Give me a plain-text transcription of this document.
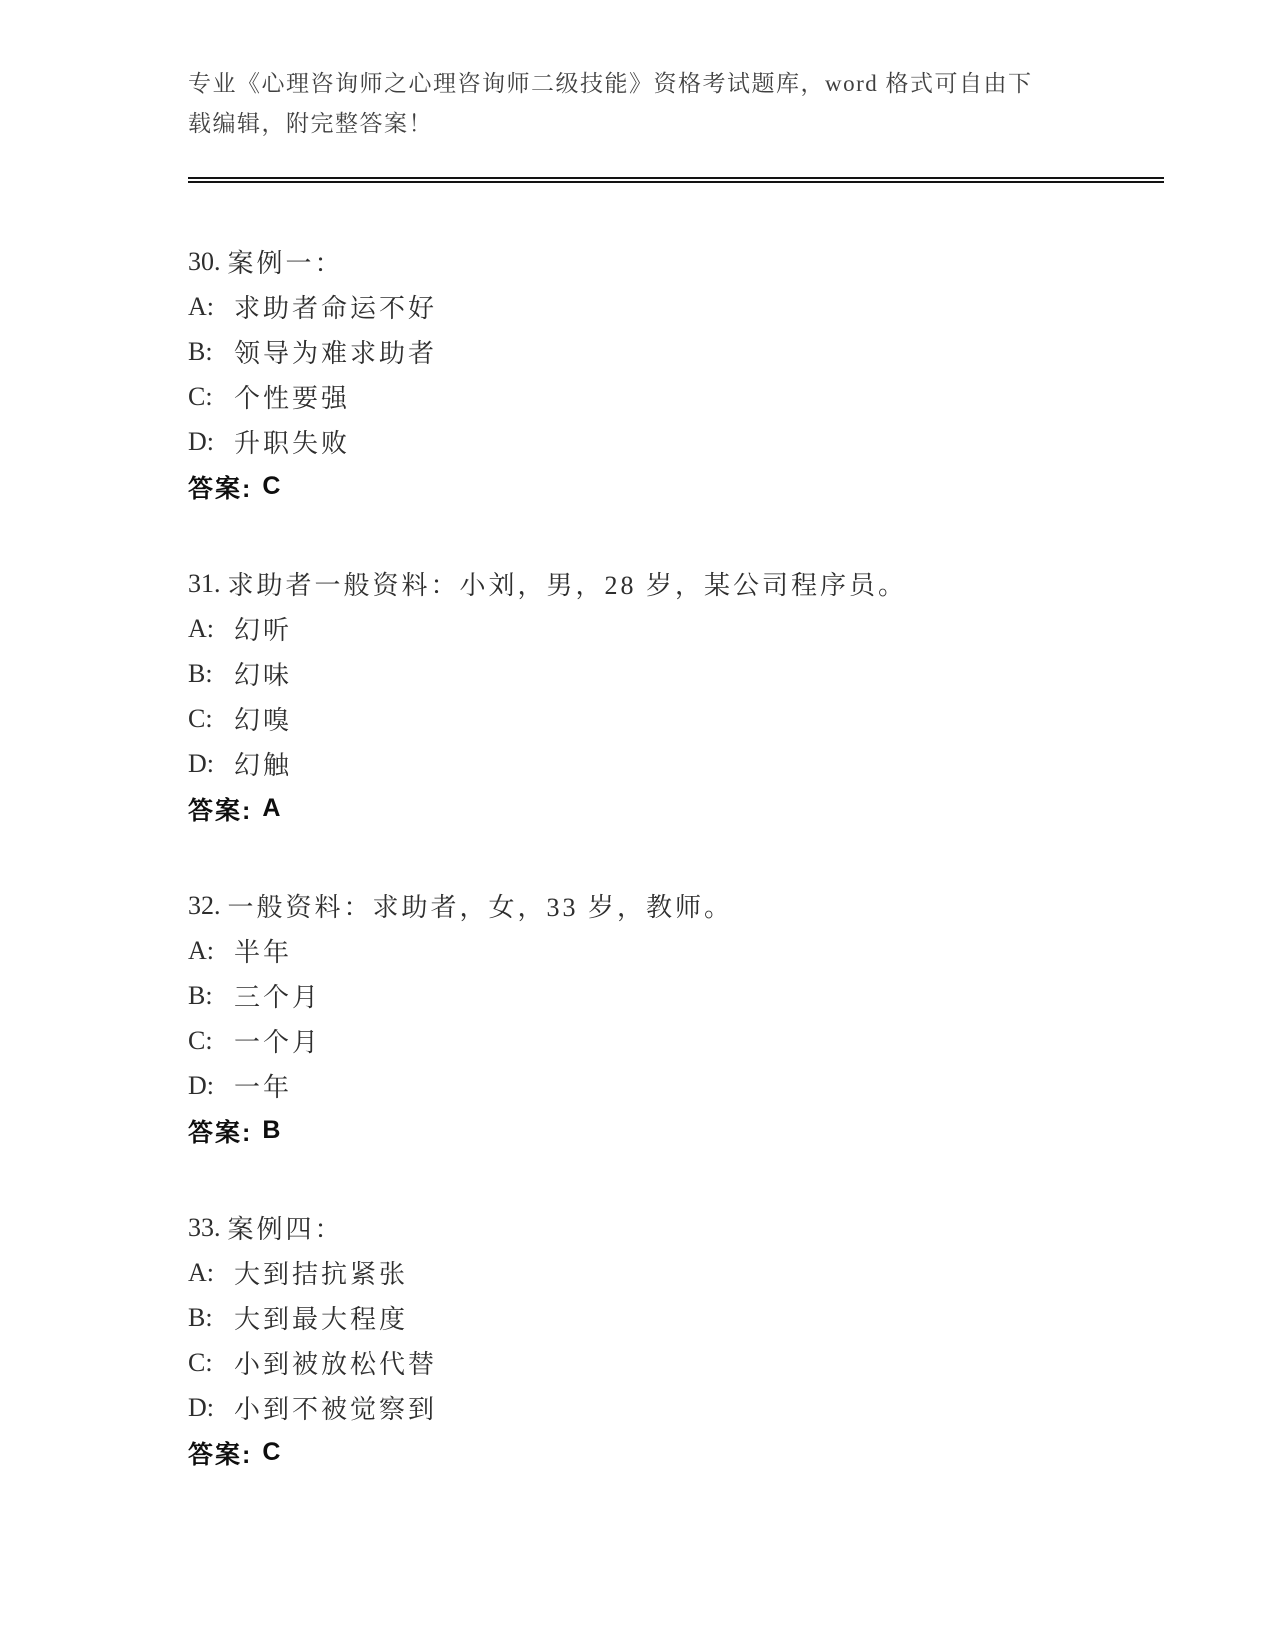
专业《心理咨询师之心理咨询师二级技能》资格考试题库，word 格式可自由下载编辑，附完整答案！

30. 案例一：
A: 求助者命运不好
B: 领导为难求助者
C: 个性要强
D: 升职失败
答案: C
31. 求助者一般资料：小刘，男，28 岁，某公司程序员。
A: 幻听
B: 幻味
C: 幻嗅
D: 幻触
答案: A
32. 一般资料：求助者，女，33 岁，教师。
A: 半年
B: 三个月
C: 一个月
D: 一年
答案: B
33. 案例四：
A: 大到拮抗紧张
B: 大到最大程度
C: 小到被放松代替
D: 小到不被觉察到
答案: C
